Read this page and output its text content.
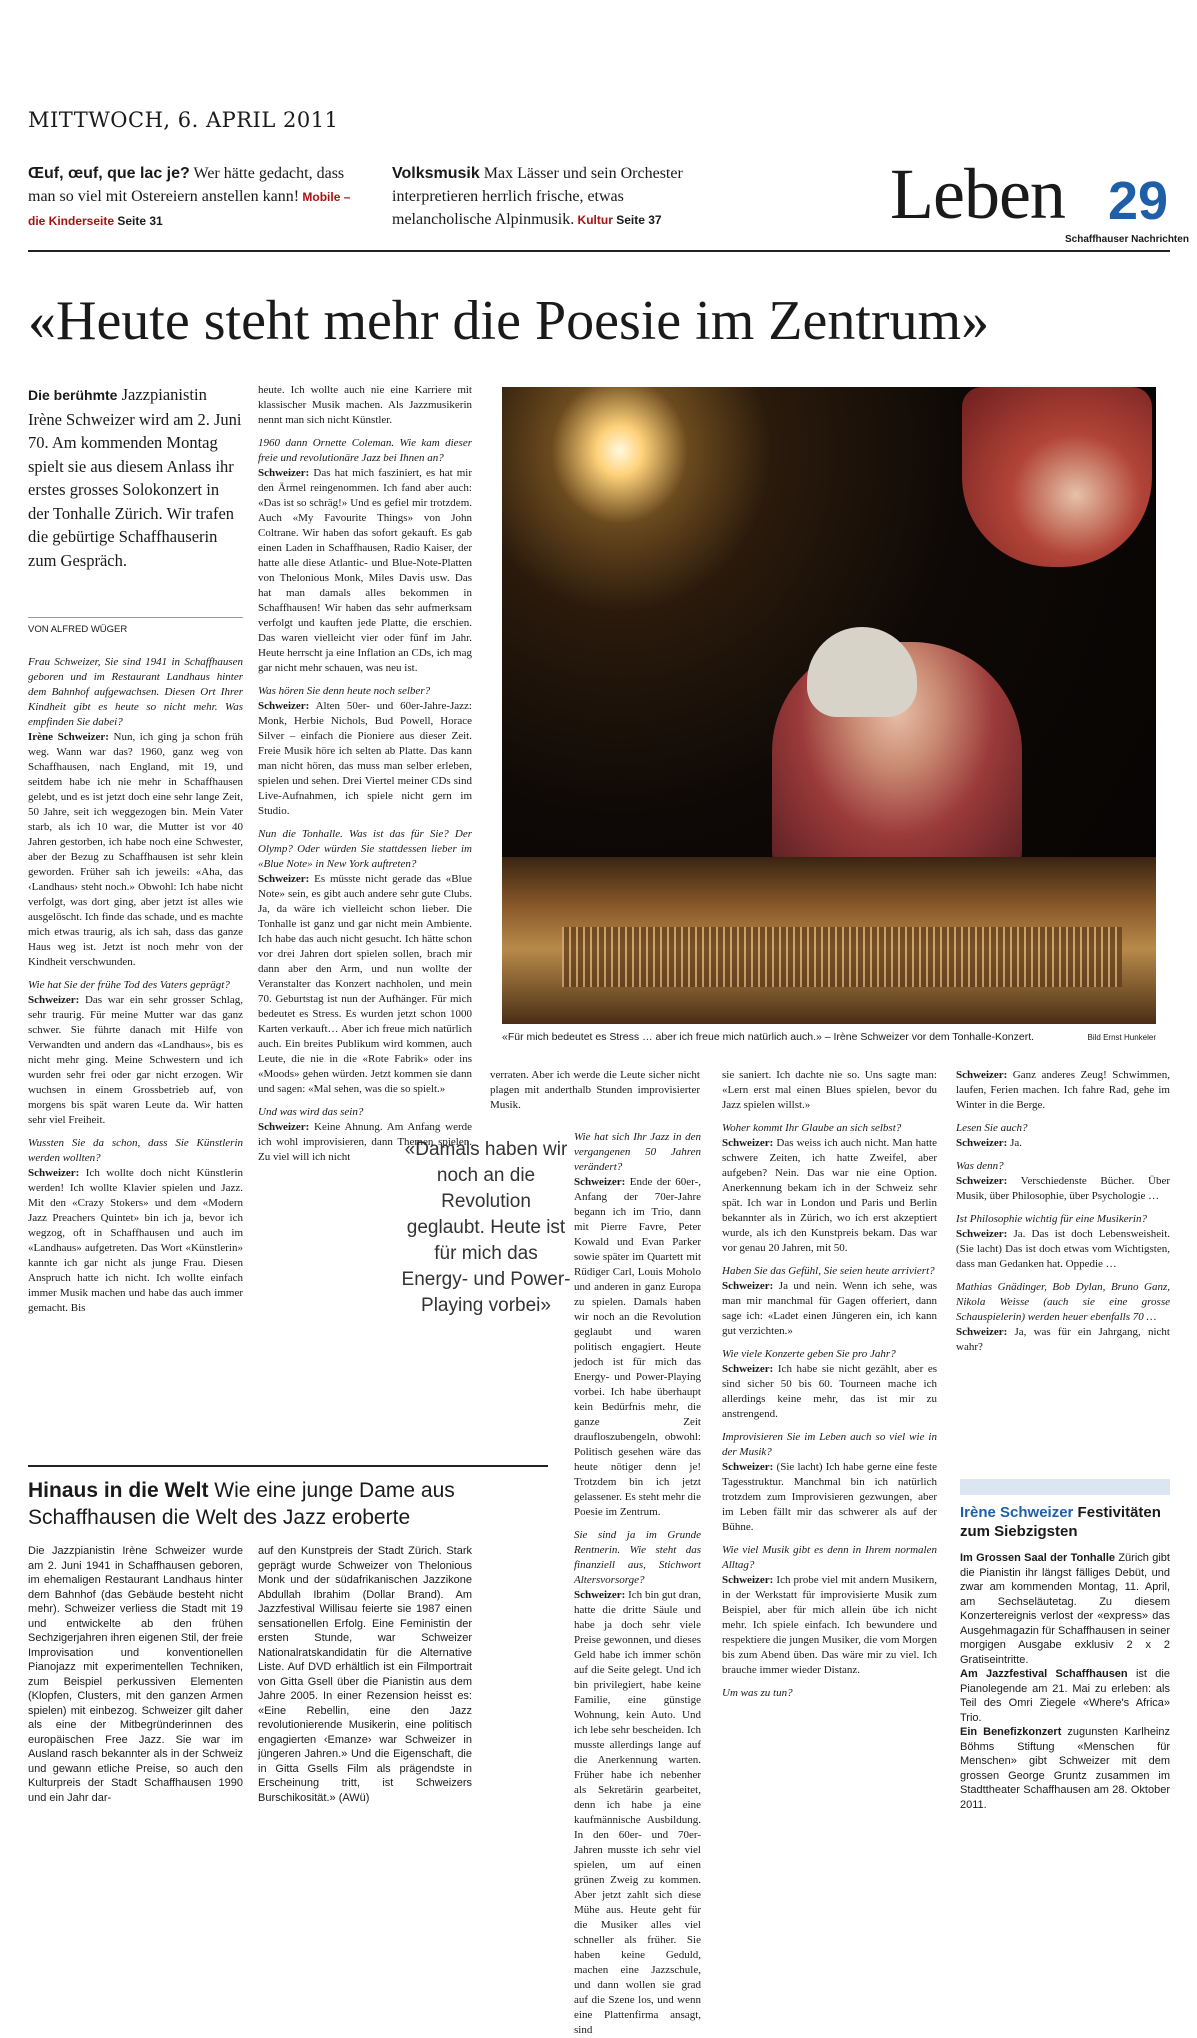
MITTWOCH, 6. APRIL 2011
Œuf, œuf, que lac je? Wer hätte gedacht, dass man so viel mit Ostereiern anstellen kann! Mobile – die Kinderseite Seite 31
Volksmusik Max Lässer und sein Orchester interpretieren herrlich frische, etwas melancholische Alpinmusik. Kultur Seite 37	Leben 29
Schaffhauser Nachrichten
«Heute steht mehr die Poesie im Zentrum»
Die berühmte Jazzpianistin Irène Schweizer wird am 2. Juni 70. Am kommenden Montag spielt sie aus diesem Anlass ihr erstes grosses Solokonzert in der Tonhalle Zürich. Wir trafen die gebürtige Schaffhauserin zum Gespräch.
VON ALFRED WÜGER

Frau Schweizer, Sie sind 1941 in Schaffhausen geboren und im Restaurant Landhaus hinter dem Bahnhof aufgewachsen. Diesen Ort Ihrer Kindheit gibt es heute so nicht mehr. Was empfinden Sie dabei?
Irène Schweizer: Nun, ich ging ja schon früh weg. Wann war das? 1960, ganz weg von Schaffhausen, nach England, mit 19, und seitdem habe ich nie mehr in Schaffhausen gelebt, und es ist jetzt doch eine sehr lange Zeit, 50 Jahre, seit ich weggezogen bin. Mein Vater starb, als ich 10 war, die Mutter ist vor 40 Jahren gestorben, ich habe noch eine Schwester, aber der Bezug zu Schaffhausen ist sehr klein geworden. Früher sah ich jeweils: «Aha, das ‹Landhaus› steht noch.» Obwohl: Ich habe nicht verfolgt, was dort ging, aber jetzt ist alles wie ausgelöscht. Ich finde das schade, und es machte mich etwas traurig, als ich sah, dass das ganze Haus weg ist. Jetzt ist noch mehr von der Kindheit verschwunden.

Wie hat Sie der frühe Tod des Vaters geprägt?
Schweizer: Das war ein sehr grosser Schlag, sehr traurig. Für meine Mutter war das ganz schwer. Sie führte danach mit Hilfe von Verwandten und andern das «Landhaus», bis es nicht mehr ging. Meine Schwestern und ich wurden sehr frei oder gar nicht erzogen. Wir wuchsen in einem Grossbetrieb auf, von morgens bis spät waren Leute da. Wir hatten sehr viel Freiheit.

Wussten Sie da schon, dass Sie Künstlerin werden wollten?
Schweizer: Ich wollte doch nicht Künstlerin werden! Ich wollte Klavier spielen und Jazz. Mit den «Crazy Stokers» und dem «Modern Jazz Preachers Quintet» bin ich ja, bevor ich wegzog, oft in Schaffhausen und auch im «Landhaus» aufgetreten. Das Wort «Künstlerin» kannte ich gar nicht als junge Frau. Diesen Anspruch hatte ich nicht. Ich wollte einfach immer Musik machen und habe das auch immer gemacht. Bis

heute. Ich wollte auch nie eine Karriere mit klassischer Musik machen. Als Jazzmusikerin nennt man sich nicht Künstler.

1960 dann Ornette Coleman. Wie kam dieser freie und revolutionäre Jazz bei Ihnen an?
Schweizer: Das hat mich fasziniert, es hat mir den Ärmel reingenommen. Ich fand aber auch: «Das ist so schräg!» Und es gefiel mir trotzdem. Auch «My Favourite Things» von John Coltrane. Wir haben das sofort gekauft. Es gab einen Laden in Schaffhausen, Radio Kaiser, der hatte alle diese Atlantic- und Blue-Note-Platten von Thelonious Monk, Miles Davis usw. Das hat man damals alles bekommen in Schaffhausen! Wir haben das sehr aufmerksam verfolgt und kauften jede Platte, die erschien. Das waren vielleicht vier oder fünf im Jahr. Heute herrscht ja eine Inflation an CDs, ich mag gar nicht mehr schauen, was neu ist.

Was hören Sie denn heute noch selber?
Schweizer: Alten 50er- und 60er-Jahre-Jazz: Monk, Herbie Nichols, Bud Powell, Horace Silver – einfach die Pioniere aus dieser Zeit. Freie Musik höre ich selten ab Platte. Das kann man nicht hören, das muss man selber erleben, spielen und sehen. Drei Viertel meiner CDs sind Live-Aufnahmen, ich spiele nicht gern im Studio.

Nun die Tonhalle. Was ist das für Sie? Der Olymp? Oder würden Sie stattdessen lieber im «Blue Note» in New York auftreten?
Schweizer: Es müsste nicht gerade das «Blue Note» sein, es gibt auch andere sehr gute Clubs. Ja, da wäre ich vielleicht schon lieber. Die Tonhalle ist ganz und gar nicht mein Ambiente. Ich habe das auch nicht gesucht. Ich hätte schon vor drei Jahren dort spielen sollen, brach mir dann aber den Arm, und nun wollte der Veranstalter das Konzert nachholen, und mein 70. Geburtstag ist nun der Aufhänger. Für mich bedeutet es Stress. Es wurden jetzt schon 1000 Karten verkauft… Aber ich freue mich natürlich auch. Ein breites Publikum wird kommen, auch Leute, die nie in die «Rote Fabrik» oder ins «Moods» gehen würden. Jetzt kommen sie dann und sagen: «Mal sehen, was die so spielt.»

Und was wird das sein?
Schweizer: Keine Ahnung. Am Anfang werde ich wohl improvisieren, dann Themen spielen. Zu viel will ich nicht

«Für mich bedeutet es Stress … aber ich freue mich natürlich auch.» – Irène Schweizer vor dem Tonhalle-Konzert.	Bild Ernst Hunkeler

verraten. Aber ich werde die Leute sicher nicht plagen mit anderthalb Stunden improvisierter Musik.

«Damals haben wir noch an die Revolution geglaubt. Heute ist für mich das Energy- und Power-Playing vorbei»

Wie hat sich Ihr Jazz in den vergangenen 50 Jahren verändert?
Schweizer: Ende der 60er-, Anfang der 70er-Jahre begann ich im Trio, dann mit Pierre Favre, Peter Kowald und Evan Parker sowie später im Quartett mit Rüdiger Carl, Louis Moholo und anderen in ganz Europa zu spielen. Damals haben wir noch an die Revolution geglaubt und waren politisch engagiert. Heute jedoch ist für mich das Energy- und Power-Playing vorbei. Ich habe überhaupt kein Bedürfnis mehr, die ganze Zeit draufloszubengeln, obwohl: Politisch gesehen wäre das heute nötiger denn je! Trotzdem bin ich jetzt gelassener. Es steht mehr die Poesie im Zentrum.

Sie sind ja im Grunde Rentnerin. Wie steht das finanziell aus, Stichwort Altersvorsorge?
Schweizer: Ich bin gut dran, hatte die dritte Säule und habe ja doch sehr viele Preise gewonnen, und dieses Geld habe ich immer schön auf die Seite gelegt. Und ich bin privilegiert, habe keine Familie, eine günstige Wohnung, kein Auto. Und ich lebe sehr bescheiden. Ich musste allerdings lange auf die Anerkennung warten. Früher habe ich nebenher als Sekretärin gearbeitet, denn ich habe ja eine kaufmännische Ausbildung. In den 60er- und 70er-Jahren musste ich sehr viel spielen, um auf einen grünen Zweig zu kommen. Aber jetzt zahlt sich diese Mühe aus. Heute geht für die Musiker alles viel schneller als früher. Sie haben keine Geduld, machen eine Jazzschule, und dann wollen sie grad auf die Szene los, und wenn eine Plattenfirma ansagt, sind

sie saniert. Ich dachte nie so. Uns sagte man: «Lern erst mal einen Blues spielen, bevor du Jazz spielen willst.»

Woher kommt Ihr Glaube an sich selbst?
Schweizer: Das weiss ich auch nicht. Man hatte schwere Zeiten, ich hatte Zweifel, aber aufgeben? Nein. Das war nie eine Option. Anerkennung bekam ich in der Schweiz sehr spät. Ich war in London und Paris und Berlin bekannter als in Zürich, wo ich erst akzeptiert wurde, als ich den Kunstpreis bekam. Das war vor genau 20 Jahren, mit 50.

Haben Sie das Gefühl, Sie seien heute arriviert?
Schweizer: Ja und nein. Wenn ich sehe, was man mir manchmal für Gagen offeriert, dann sage ich: «Ladet einen Jüngeren ein, ich kann gut verzichten.»

Wie viele Konzerte geben Sie pro Jahr?
Schweizer: Ich habe sie nicht gezählt, aber es sind sicher 50 bis 60. Tourneen mache ich allerdings keine mehr, das ist mir zu anstrengend.

Improvisieren Sie im Leben auch so viel wie in der Musik?
Schweizer: (Sie lacht) Ich habe gerne eine feste Tagesstruktur. Manchmal bin ich natürlich trotzdem zum Improvisieren gezwungen, aber im Leben fällt mir das schwerer als auf der Bühne.

Wie viel Musik gibt es denn in Ihrem normalen Alltag?
Schweizer: Ich probe viel mit andern Musikern, in der Werkstatt für improvisierte Musik zum Beispiel, aber für mich allein übe ich nicht mehr. Ich spiele einfach. Ich bewundere und respektiere die jungen Musiker, die vom Morgen bis zum Abend üben. Das wäre mir zu viel. Ich brauche immer wieder Distanz.

Um was zu tun?

Schweizer: Ganz anderes Zeug! Schwimmen, laufen, Ferien machen. Ich fahre Rad, gehe im Winter in die Berge.

Lesen Sie auch?
Schweizer: Ja.

Was denn?
Schweizer: Verschiedenste Bücher. Über Musik, über Philosophie, über Psychologie …

Ist Philosophie wichtig für eine Musikerin?
Schweizer: Ja. Das ist doch Lebensweisheit. (Sie lacht) Das ist doch etwas vom Wichtigsten, dass man Gedanken hat. Oppedie …

Mathias Gnädinger, Bob Dylan, Bruno Ganz, Nikola Weisse (auch sie eine grosse Schauspielerin) werden heuer ebenfalls 70 …
Schweizer: Ja, was für ein Jahrgang, nicht wahr?

Hinaus in die Welt Wie eine junge Dame aus Schaffhausen die Welt des Jazz eroberte
Die Jazzpianistin Irène Schweizer wurde am 2. Juni 1941 in Schaffhausen geboren, im ehemaligen Restaurant Landhaus hinter dem Bahnhof (das Gebäude besteht nicht mehr). Schweizer verliess die Stadt mit 19 und entwickelte ab den frühen Sechzigerjahren ihren eigenen Stil, der freie Improvisation und konventionellen Pianojazz mit experimentellen Techniken, zum Beispiel perkussiven Elementen (Klopfen, Clusters, mit den ganzen Armen spielen) mit einbezog. Schweizer gilt daher als eine der Mitbegründerinnen des europäischen Free Jazz. Sie war im Ausland rasch bekannter als in der Schweiz und gewann etliche Preise, so auch den Kulturpreis der Stadt Schaffhausen 1990 und ein Jahr dar-
auf den Kunstpreis der Stadt Zürich. Stark geprägt wurde Schweizer von Thelonious Monk und der südafrikanischen Jazzikone Abdullah Ibrahim (Dollar Brand). Am Jazzfestival Willisau feierte sie 1987 einen sensationellen Erfolg. Eine Feministin der ersten Stunde, war Schweizer Nationalratskandidatin für die Alternative Liste. Auf DVD erhältlich ist ein Filmportrait von Gitta Gsell über die Pianistin aus dem Jahre 2005. In einer Rezension heisst es: «Eine Rebellin, eine den Jazz revolutionierende Musikerin, eine politisch engagierten ‹Emanze› war Schweizer in jüngeren Jahren.» Und die Eigenschaft, die in Gitta Gsells Film als prägendste in Erscheinung tritt, ist Schweizers Burschikosität.» (AWü)
Irène Schweizer Festivitäten zum Siebzigsten

Im Grossen Saal der Tonhalle Zürich gibt die Pianistin ihr längst fälliges Debüt, und zwar am kommenden Montag, 11. April, am Sechseläutetag. Zu diesem Konzertereignis verlost der «express» das Ausgehmagazin für Schaffhausen in seiner morgigen Ausgabe exklusiv 2 x 2 Gratiseintritte.

Am Jazzfestival Schaffhausen ist die Pianolegende am 21. Mai zu erleben: als Teil des Omri Ziegele «Where's Africa» Trio.

Ein Benefizkonzert zugunsten Karlheinz Böhms Stiftung «Menschen für Menschen» gibt Schweizer mit dem grossen George Gruntz zusammen im Stadttheater Schaffhausen am 28. Oktober 2011.
